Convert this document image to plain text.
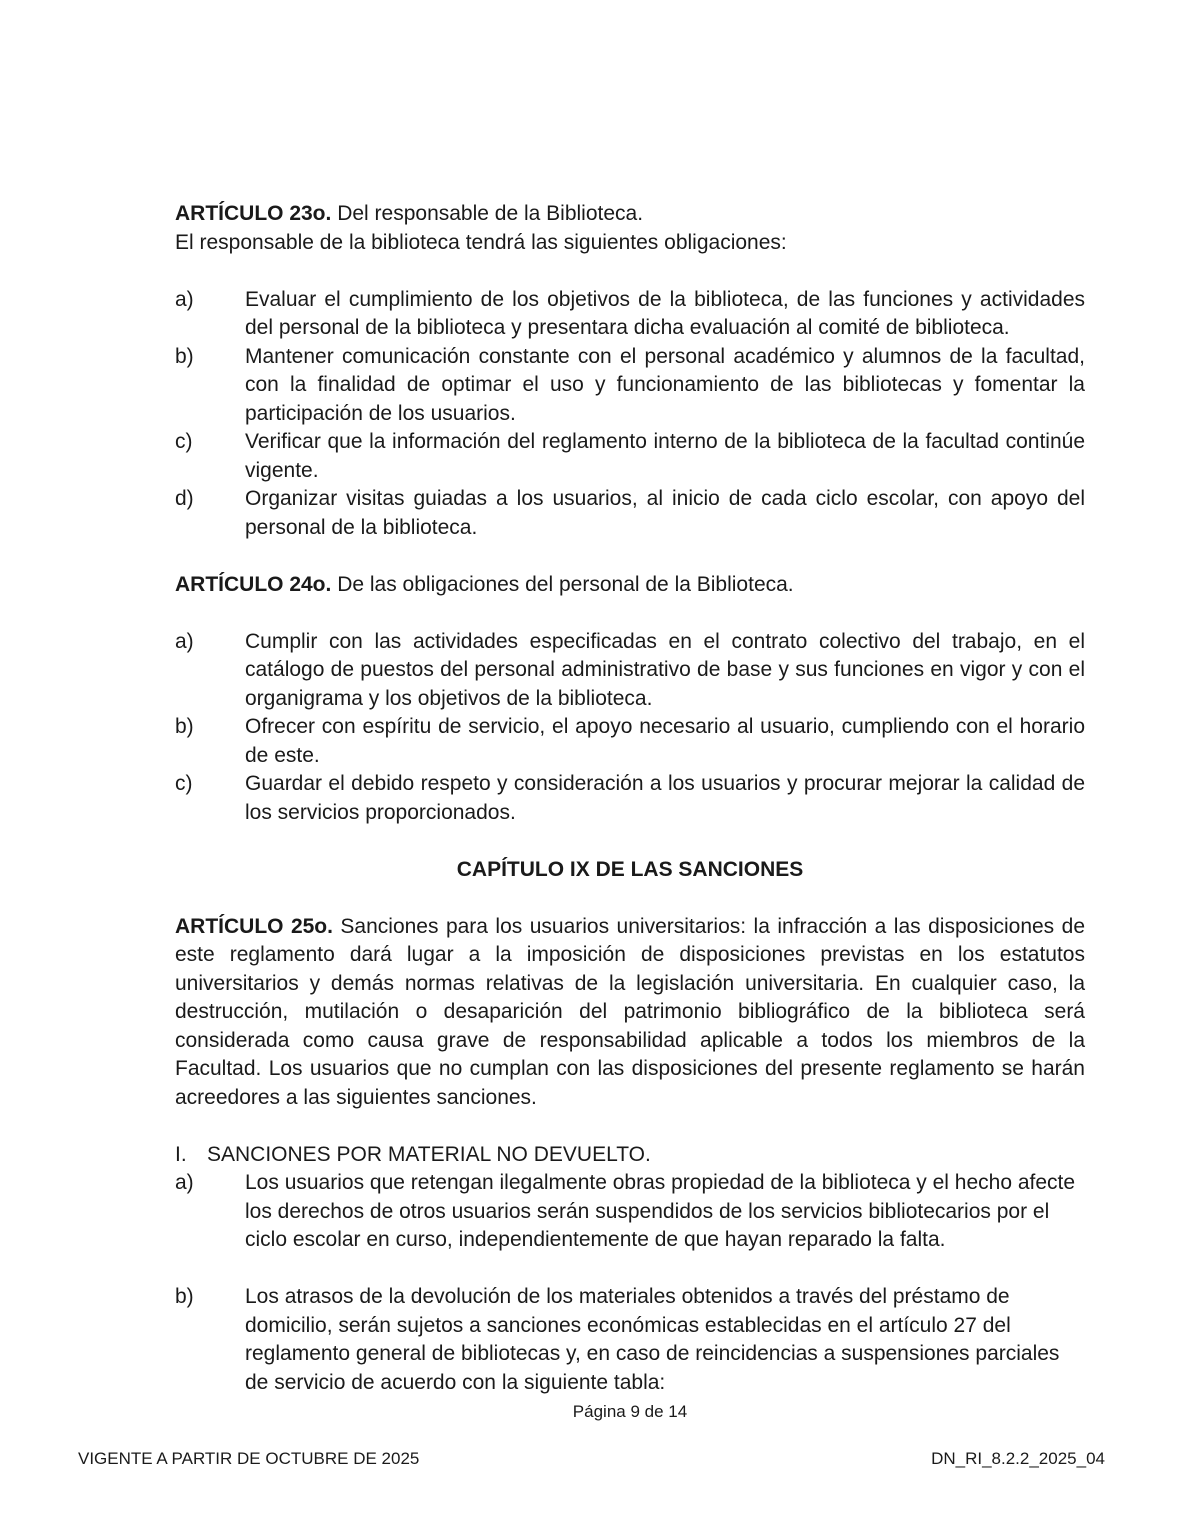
ARTÍCULO 23o. Del responsable de la Biblioteca.
El responsable de la biblioteca tendrá las siguientes obligaciones:
a)	Evaluar el cumplimiento de los objetivos de la biblioteca, de las funciones y actividades del personal de la biblioteca y presentara dicha evaluación al comité de biblioteca.
b)	Mantener comunicación constante con el personal académico y alumnos de la facultad, con la finalidad de optimar el uso y funcionamiento de las bibliotecas y fomentar la participación de los usuarios.
c)	Verificar que la información del reglamento interno de la biblioteca de la facultad continúe vigente.
d)	Organizar visitas guiadas a los usuarios, al inicio de cada ciclo escolar, con apoyo del personal de la biblioteca.
ARTÍCULO 24o. De las obligaciones del personal de la Biblioteca.
a)	Cumplir con las actividades especificadas en el contrato colectivo del trabajo, en el catálogo de puestos del personal administrativo de base y sus funciones en vigor y con el organigrama y los objetivos de la biblioteca.
b)	Ofrecer con espíritu de servicio, el apoyo necesario al usuario, cumpliendo con el horario de este.
c)	Guardar el debido respeto y consideración a los usuarios y procurar mejorar la calidad de los servicios proporcionados.
CAPÍTULO IX DE LAS SANCIONES
ARTÍCULO 25o. Sanciones para los usuarios universitarios: la infracción a las disposiciones de este reglamento dará lugar a la imposición de disposiciones previstas en los estatutos universitarios y demás normas relativas de la legislación universitaria. En cualquier caso, la destrucción, mutilación o desaparición del patrimonio bibliográfico de la biblioteca será considerada como causa grave de responsabilidad aplicable a todos los miembros de la Facultad. Los usuarios que no cumplan con las disposiciones del presente reglamento se harán acreedores a las siguientes sanciones.
I. SANCIONES POR MATERIAL NO DEVUELTO.
a)	Los usuarios que retengan ilegalmente obras propiedad de la biblioteca y el hecho afecte los derechos de otros usuarios serán suspendidos de los servicios bibliotecarios por el ciclo escolar en curso, independientemente de que hayan reparado la falta.
b)	Los atrasos de la devolución de los materiales obtenidos a través del préstamo de domicilio, serán sujetos a sanciones económicas establecidas en el artículo 27 del reglamento general de bibliotecas y, en caso de reincidencias a suspensiones parciales de servicio de acuerdo con la siguiente tabla:
Página 9 de 14
VIGENTE A PARTIR DE OCTUBRE DE 2025	DN_RI_8.2.2_2025_04
